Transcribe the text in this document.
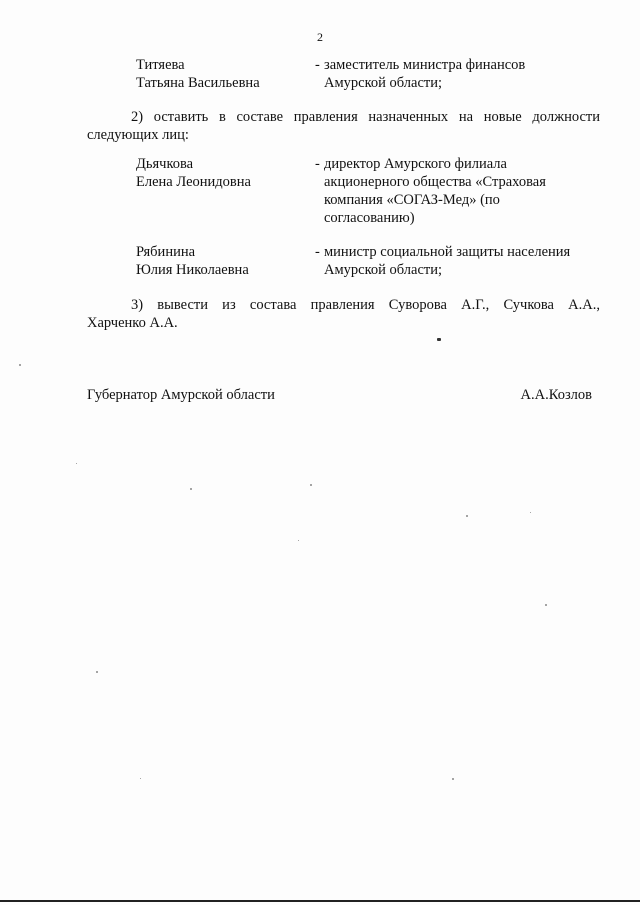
2
Титяева
Татьяна Васильевна
- заместитель министра финансов
Амурской области;
2) оставить в составе правления назначенных на новые должности
следующих лиц:
Дьячкова
Елена Леонидовна
- директор Амурского филиала
акционерного общества «Страховая
компания «СОГАЗ-Мед» (по
согласованию)
Рябинина
Юлия Николаевна
- министр социальной защиты населения
Амурской области;
3) вывести из состава правления Суворова А.Г., Сучкова А.А.,
Харченко А.А.
Губернатор Амурской области	А.А.Козлов
